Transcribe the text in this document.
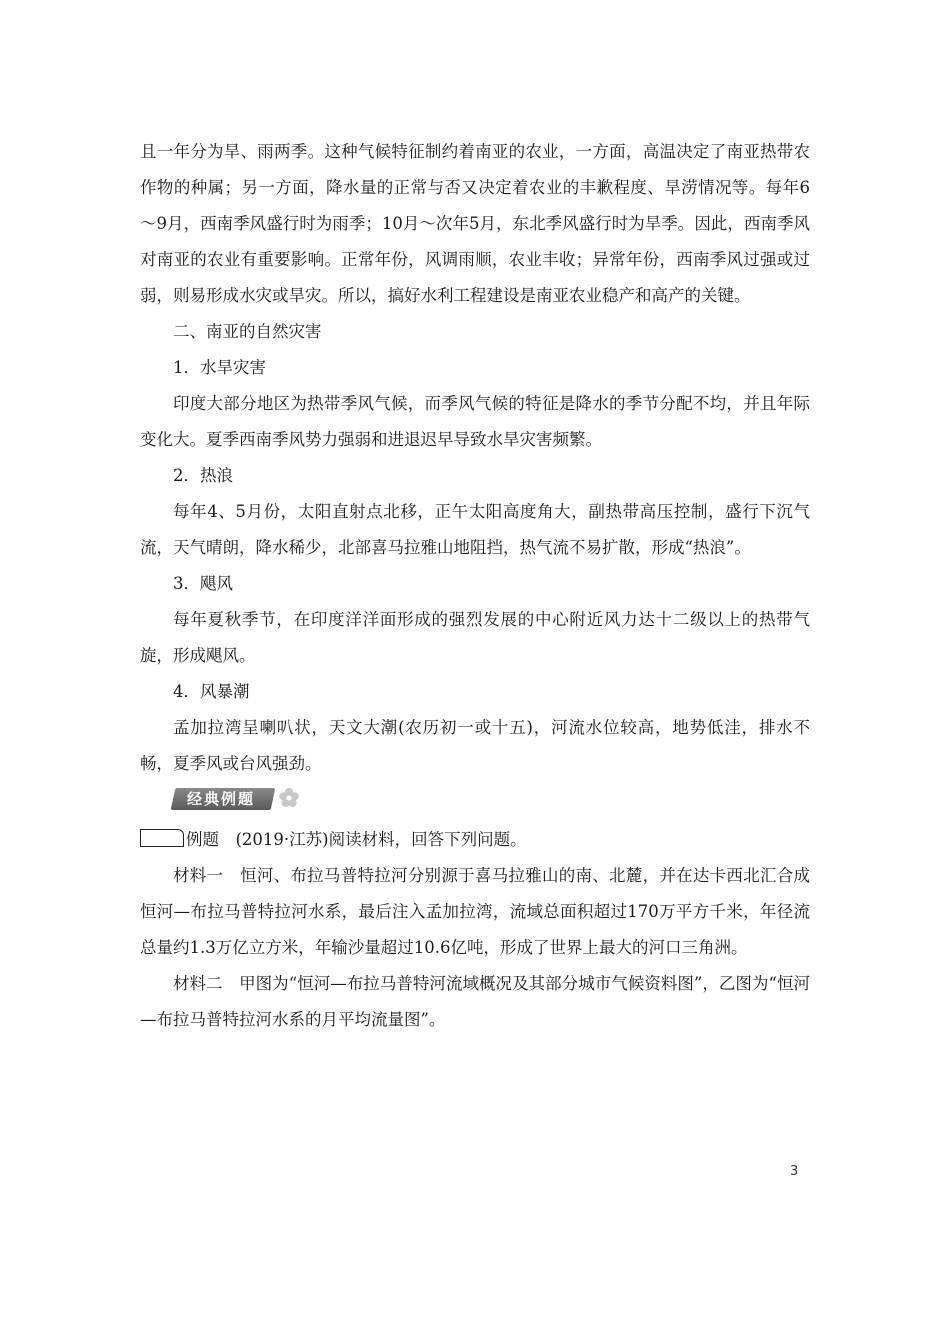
且一年分为旱、雨两季。这种气候特征制约着南亚的农业，一方面，高温决定了南亚热带农作物的种属；另一方面，降水量的正常与否又决定着农业的丰歉程度、旱涝情况等。每年6～9月，西南季风盛行时为雨季；10月～次年5月，东北季风盛行时为旱季。因此，西南季风对南亚的农业有重要影响。正常年份，风调雨顺，农业丰收；异常年份，西南季风过强或过弱，则易形成水灾或旱灾。所以，搞好水利工程建设是南亚农业稳产和高产的关键。

二、南亚的自然灾害

1．水旱灾害

印度大部分地区为热带季风气候，而季风气候的特征是降水的季节分配不均，并且年际变化大。夏季西南季风势力强弱和进退迟早导致水旱灾害频繁。

2．热浪

每年4、5月份，太阳直射点北移，正午太阳高度角大，副热带高压控制，盛行下沉气流，天气晴朗，降水稀少，北部喜马拉雅山地阻挡，热气流不易扩散，形成“热浪”。

3．飓风

每年夏秋季节，在印度洋洋面形成的强烈发展的中心附近风力达十二级以上的热带气旋，形成飓风。

4．风暴潮

孟加拉湾呈喇叭状，天文大潮(农历初一或十五)，河流水位较高，地势低洼，排水不畅，夏季风或台风强劲。

经典例题

例题　(2019·江苏)阅读材料，回答下列问题。

材料一　恒河、布拉马普特拉河分别源于喜马拉雅山的南、北麓，并在达卡西北汇合成恒河—布拉马普特拉河水系，最后注入孟加拉湾，流域总面积超过170万平方千米，年径流总量约1.3万亿立方米，年输沙量超过10.6亿吨，形成了世界上最大的河口三角洲。

材料二　甲图为“恒河—布拉马普特河流域概况及其部分城市气候资料图”，乙图为“恒河—布拉马普特拉河水系的月平均流量图”。

3
